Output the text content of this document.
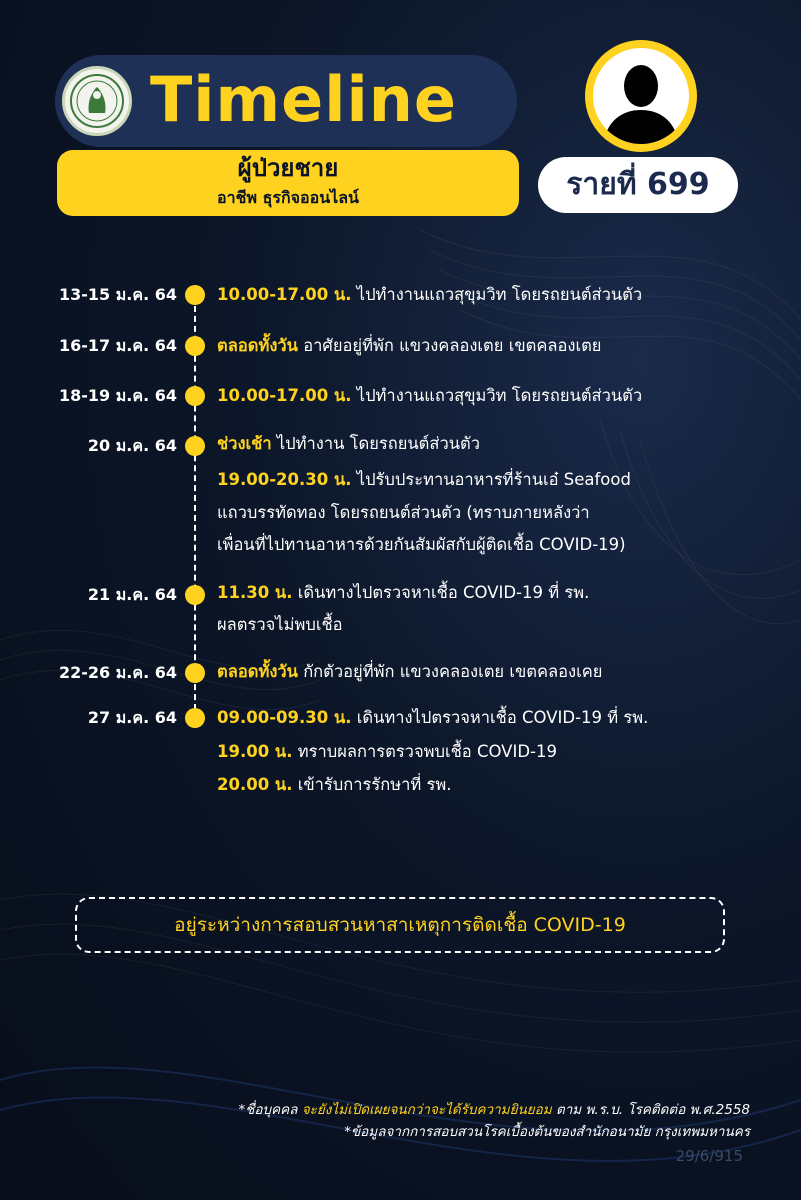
Timeline
ผู้ป่วยชาย
อาชีพ ธุรกิจออนไลน์	รายที่ 699
13-15 ม.ค. 64 10.00-17.00 น. ไปทำงานแถวสุขุมวิท โดยรถยนต์ส่วนตัว
16-17 ม.ค. 64 ตลอดทั้งวัน อาศัยอยู่ที่พัก แขวงคลองเตย เขตคลองเตย
18-19 ม.ค. 64 10.00-17.00 น. ไปทำงานแถวสุขุมวิท โดยรถยนต์ส่วนตัว
20 ม.ค. 64 ช่วงเช้า ไปทำงาน โดยรถยนต์ส่วนตัว
19.00-20.30 น. ไปรับประทานอาหารที่ร้านเอ๋ Seafood
แถวบรรทัดทอง โดยรถยนต์ส่วนตัว (ทราบภายหลังว่า
เพื่อนที่ไปทานอาหารด้วยกันสัมผัสกับผู้ติดเชื้อ COVID-19)
21 ม.ค. 64 11.30 น. เดินทางไปตรวจหาเชื้อ COVID-19 ที่ รพ.
ผลตรวจไม่พบเชื้อ
22-26 ม.ค. 64 ตลอดทั้งวัน กักตัวอยู่ที่พัก แขวงคลองเตย เขตคลองเคย
27 ม.ค. 64 09.00-09.30 น. เดินทางไปตรวจหาเชื้อ COVID-19 ที่ รพ.
19.00 น. ทราบผลการตรวจพบเชื้อ COVID-19
20.00 น. เข้ารับการรักษาที่ รพ.
อยู่ระหว่างการสอบสวนหาสาเหตุการติดเชื้อ COVID-19
*ชื่อบุคคล จะยังไม่เปิดเผยจนกว่าจะได้รับความยินยอม ตาม พ.ร.บ. โรคติดต่อ พ.ศ.2558
*ข้อมูลจากการสอบสวนโรคเบื้องต้นของสำนักอนามัย กรุงเทพมหานคร
29/6/915
